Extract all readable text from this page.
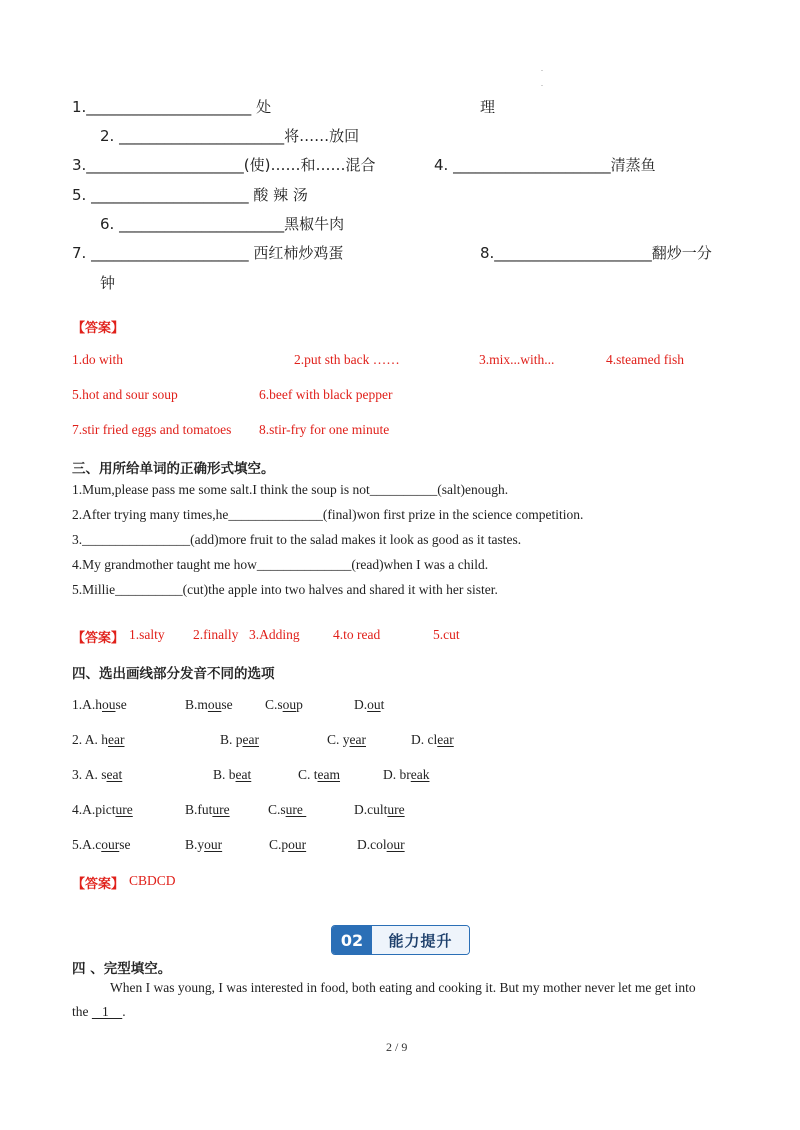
.
.
1.______________________ 处	理
2. ______________________将……放回
3._____________________(使)……和……混合	4. _____________________清蒸鱼
5. _____________________ 酸 辣 汤
6. ______________________黑椒牛肉
7. _____________________ 西红柿炒鸡蛋	8._____________________翻炒一分
钟
【答案】
1.do with	2.put sth back ……	3.mix...with...	4.steamed fish
5.hot and sour soup	6.beef with black pepper
7.stir fried eggs and tomatoes 8.stir-fry for one minute
三、用所给单词的正确形式填空。
1.Mum,please pass me some salt.I think the soup is not__________(salt)enough.
2.After trying many times,he______________(final)won first prize in the science competition.
3.________________(add)more fruit to the salad makes it look as good as it tastes.
4.My grandmother taught me how______________(read)when I was a child.
5.Millie__________(cut)the apple into two halves and shared it with her sister.
【答案】 1.salty 2.finally 3.Adding 4.to read	5.cut
四、选出画线部分发音不同的选项
1.A.house	B.mouse C.soup	D.out
2. A. hear	B. pear	C. year	D. clear
3. A. seat	B. beat	C. team	D. break
4.A.picture	B.future	C.sure	D.culture
5.A.course	B.your	C.pour	D.colour
【答案】 CBDCD
02	能力提升
四 、完型填空。
When I was young, I was interested in food, both eating and cooking it. But my mother never let me get into
the    1    .
2 / 9
